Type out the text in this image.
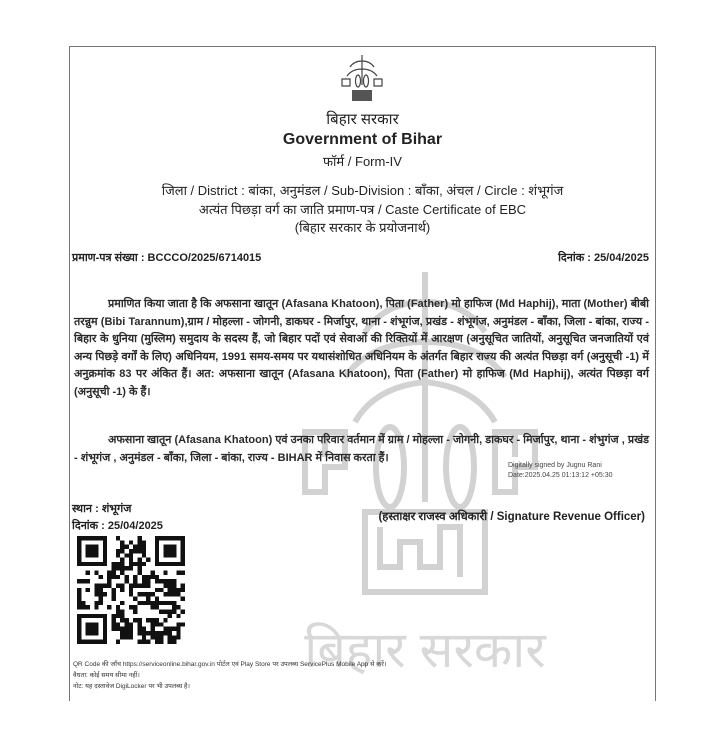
बिहार सरकार
बिहार सरकार
Government of Bihar
फॉर्म / Form-IV
जिला / District : बांका, अनुमंडल / Sub-Division : बाँका, अंचल / Circle : शंभूगंज
अत्यंत पिछड़ा वर्ग का जाति प्रमाण-पत्र / Caste Certificate of EBC
(बिहार सरकार के प्रयोजनार्थ)
प्रमाण-पत्र संख्या : BCCCO/2025/6714015	दिनांक : 25/04/2025
प्रमाणित किया जाता है कि अफसाना खातून (Afasana Khatoon), पिता (Father) मो हाफिज (Md Haphij), माता (Mother) बीबी तरन्नुम (Bibi Tarannum),ग्राम / मोहल्ला - जोगनी, डाकघर - मिर्जापुर, थाना - शंभूगंज, प्रखंड - शंभूगंज, अनुमंडल - बाँका, जिला - बांका, राज्य - बिहार के धुनिया (मुस्लिम) समुदाय के सदस्य हैं, जो बिहार पदों एवं सेवाओं की रिक्तियों में आरक्षण (अनुसूचित जातियों, अनुसूचित जनजातियों एवं अन्य पिछड़े वर्गों के लिए) अधिनियम, 1991 समय-समय पर यथासंशोधित अधिनियम के अंतर्गत बिहार राज्य की अत्यंत पिछड़ा वर्ग (अनुसूची -1) में अनुक्रमांक 83 पर अंकित हैं। अत: अफसाना खातून (Afasana Khatoon), पिता (Father) मो हाफिज (Md Haphij), अत्यंत पिछड़ा वर्ग (अनुसूची -1) के हैं।
अफसाना खातून (Afasana Khatoon) एवं उनका परिवार वर्तमान में ग्राम / मोहल्ला - जोगनी, डाकघर - मिर्जापुर, थाना - शंभुगंज , प्रखंड - शंभूगंज , अनुमंडल - बाँका, जिला - बांका, राज्य - BIHAR में निवास करता हैं।
Digitally signed by Jugnu Rani
Date:2025.04.25 01:13:12 +05:30
स्थान : शंभूगंज
दिनांक : 25/04/2025
(हस्ताक्षर राजस्व अधिकारी / Signature Revenue Officer)
QR Code की जाँच https://serviceonline.bihar.gov.in पोर्टल एवं Play Store पर उपलब्ध ServicePlus Mobile App से करें।
वैधता: कोई समय सीमा नहीं।
नोट: यह दस्तावेज DigiLocker पर भी उपलब्ध है।
